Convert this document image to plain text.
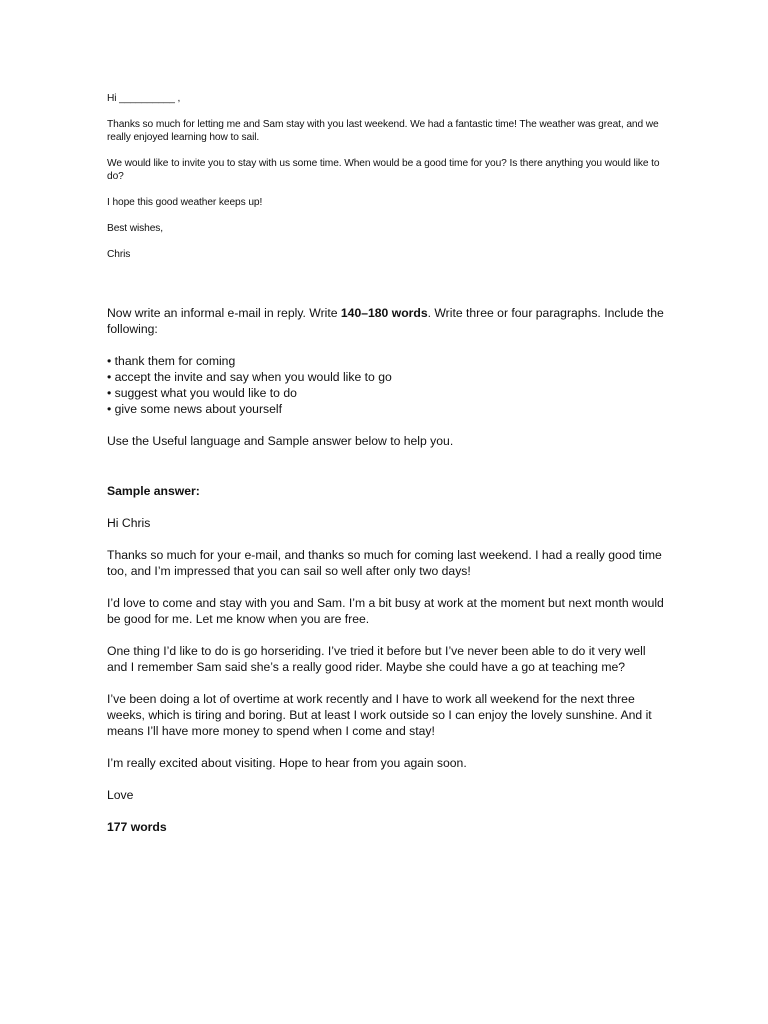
Hi __________ ,

Thanks so much for letting me and Sam stay with you last weekend. We had a fantastic time! The weather was great, and we really enjoyed learning how to sail.

We would like to invite you to stay with us some time. When would be a good time for you? Is there anything you would like to do?

I hope this good weather keeps up!

Best wishes,

Chris

Now write an informal e-mail in reply. Write 140–180 words. Write three or four paragraphs. Include the following:

• thank them for coming
• accept the invite and say when you would like to go
• suggest what you would like to do
• give some news about yourself

Use the Useful language and Sample answer below to help you.

Sample answer:

Hi Chris

Thanks so much for your e-mail, and thanks so much for coming last weekend. I had a really good time too, and I’m impressed that you can sail so well after only two days!

I’d love to come and stay with you and Sam. I’m a bit busy at work at the moment but next month would be good for me. Let me know when you are free.

One thing I’d like to do is go horseriding. I’ve tried it before but I’ve never been able to do it very well and I remember Sam said she’s a really good rider. Maybe she could have a go at teaching me?

I’ve been doing a lot of overtime at work recently and I have to work all weekend for the next three weeks, which is tiring and boring. But at least I work outside so I can enjoy the lovely sunshine. And it means I’ll have more money to spend when I come and stay!

I’m really excited about visiting. Hope to hear from you again soon.

Love

177 words
